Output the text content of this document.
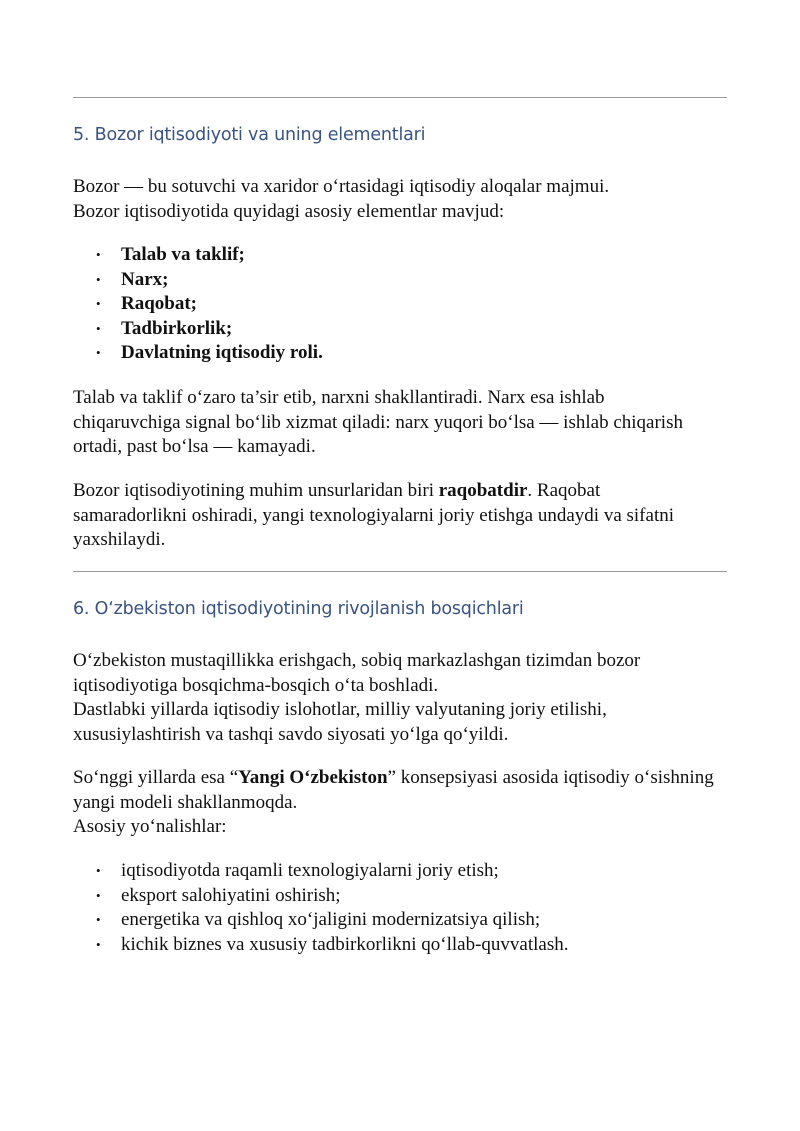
5. Bozor iqtisodiyoti va uning elementlari

Bozor — bu sotuvchi va xaridor o‘rtasidagi iqtisodiy aloqalar majmui.
Bozor iqtisodiyotida quyidagi asosiy elementlar mavjud:

• Talab va taklif;
• Narx;
• Raqobat;
• Tadbirkorlik;
• Davlatning iqtisodiy roli.

Talab va taklif o‘zaro ta’sir etib, narxni shakllantiradi. Narx esa ishlab chiqaruvchiga signal bo‘lib xizmat qiladi: narx yuqori bo‘lsa — ishlab chiqarish ortadi, past bo‘lsa — kamayadi.

Bozor iqtisodiyotining muhim unsurlaridan biri raqobatdir. Raqobat samaradorlikni oshiradi, yangi texnologiyalarni joriy etishga undaydi va sifatni yaxshilaydi.

6. O‘zbekiston iqtisodiyotining rivojlanish bosqichlari

O‘zbekiston mustaqillikka erishgach, sobiq markazlashgan tizimdan bozor iqtisodiyotiga bosqichma-bosqich o‘ta boshladi.
Dastlabki yillarda iqtisodiy islohotlar, milliy valyutaning joriy etilishi, xususiylashtirish va tashqi savdo siyosati yo‘lga qo‘yildi.

So‘nggi yillarda esa “Yangi O‘zbekiston” konsepsiyasi asosida iqtisodiy o‘sishning yangi modeli shakllanmoqda.
Asosiy yo‘nalishlar:

• iqtisodiyotda raqamli texnologiyalarni joriy etish;
• eksport salohiyatini oshirish;
• energetika va qishloq xo‘jaligini modernizatsiya qilish;
• kichik biznes va xususiy tadbirkorlikni qo‘llab-quvvatlash.
